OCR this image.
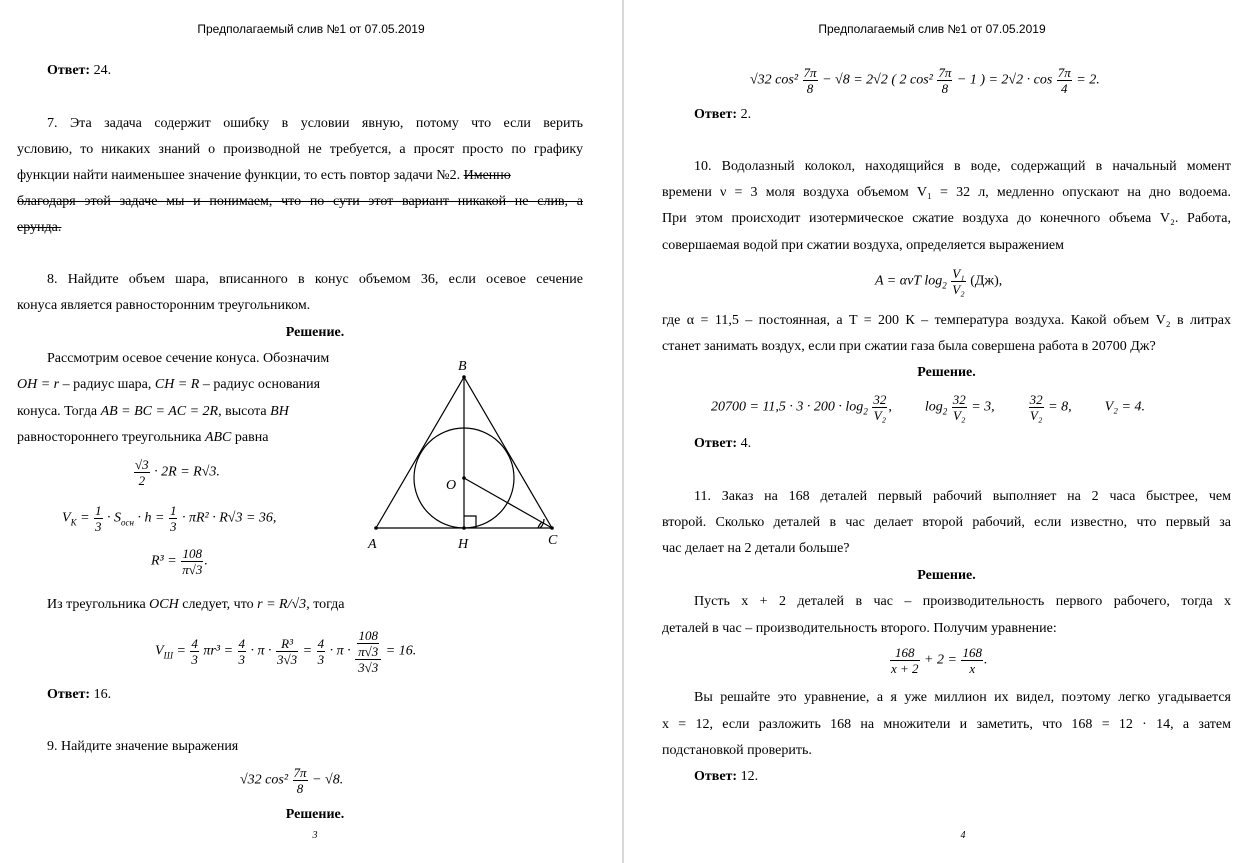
Предполагаемый слив №1 от 07.05.2019
Ответ: 24.
7. Эта задача содержит ошибку в условии явную, потому что если верить
условию, то никаких знаний о производной не требуется, а просят просто по графику
функции найти наименьшее значение функции, то есть повтор задачи №2. Именно
благодаря этой задаче мы и понимаем, что по сути этот вариант никакой не слив, а
ерунда.
8. Найдите объем шара, вписанного в конус объемом 36, если осевое сечение
конуса является равносторонним треугольником.
Решение.
Рассмотрим осевое сечение конуса. Обозначим
OH = r – радиус шара, CH = R – радиус основания
конуса. Тогда AB = BC = AC = 2R, высота BH
равностороннего треугольника ABC равна
$\frac{√3}{2} \cdot 2R = R√3$.
$V_K = \frac{1}{3} \cdot S_{осн} \cdot h = \frac{1}{3} \cdot \pi R^2 \cdot R√3 = 36$,
$R^3 = \frac{108}{\pi√3}$ .
Из треугольника OCH следует, что r = R/√3, тогда
$V_Ш = \frac{4}{3} \pi r^3 = \frac{4}{3} \cdot \pi \cdot \frac{\text{R³}}{3√3} = \frac{4}{3} \cdot \pi \cdot \frac{\frac{108}{\pi√3}}{3√3} = 16$.
Ответ: 16.
9. Найдите значение выражения
√32 $\cos^2 \frac{7\pi}{8} - √8$.
Решение.
3
B
O
A	H	C
Предполагаемый слив №1 от 07.05.2019
√32 $\cos^2 \frac{7\pi}{8} - √8 = 2√2$ ( 2 $\cos^2 \frac{7\pi}{8} - 1$ ) = $2√2 \cdot \cos \frac{7\pi}{4} = 2$.
Ответ: 2.
10. Водолазный колокол, находящийся в воде, содержащий в начальный момент
времени ν = 3 моля воздуха объемом V₁ = 32 л, медленно опускают на дно водоема.
При этом происходит изотермическое сжатие воздуха до конечного объема V₂. Работа,
совершаемая водой при сжатии воздуха, определяется выражением
A = ανT $\log_2 \frac{\text{V₁}}{\text{V₂}} (Дж)$,
где α = 11,5 – постоянная, а T = 200 К – температура воздуха. Какой объем V₂ в литрах
станет занимать воздух, если при сжатии газа была совершена работа в 20700 Дж?
Решение.
$20700 = 11,5 \cdot 3 \cdot 200 \cdot \log_2 \frac{32}{\text{V₂}}$ , $\log_2 \frac{32}{\text{V₂}} = 3$,	$\frac{32}{\text{V₂}} = 8$, V₂ = 4.
Ответ: 4.
11. Заказ на 168 деталей первый рабочий выполняет на 2 часа быстрее, чем
второй. Сколько деталей в час делает второй рабочий, если известно, что первый за
час делает на 2 детали больше?
Решение.
Пусть x + 2 деталей в час – производительность первого рабочего, тогда x
деталей в час – производительность второго. Получим уравнение:
$\frac{168}{x + 2} + 2 = \frac{168}{x}$ .
Вы решайте это уравнение, а я уже миллион их видел, поэтому легко угадывается
x = 12, если разложить 168 на множители и заметить, что 168 = 12 · 14, а затем
подстановкой проверить.
Ответ: 12.
4
